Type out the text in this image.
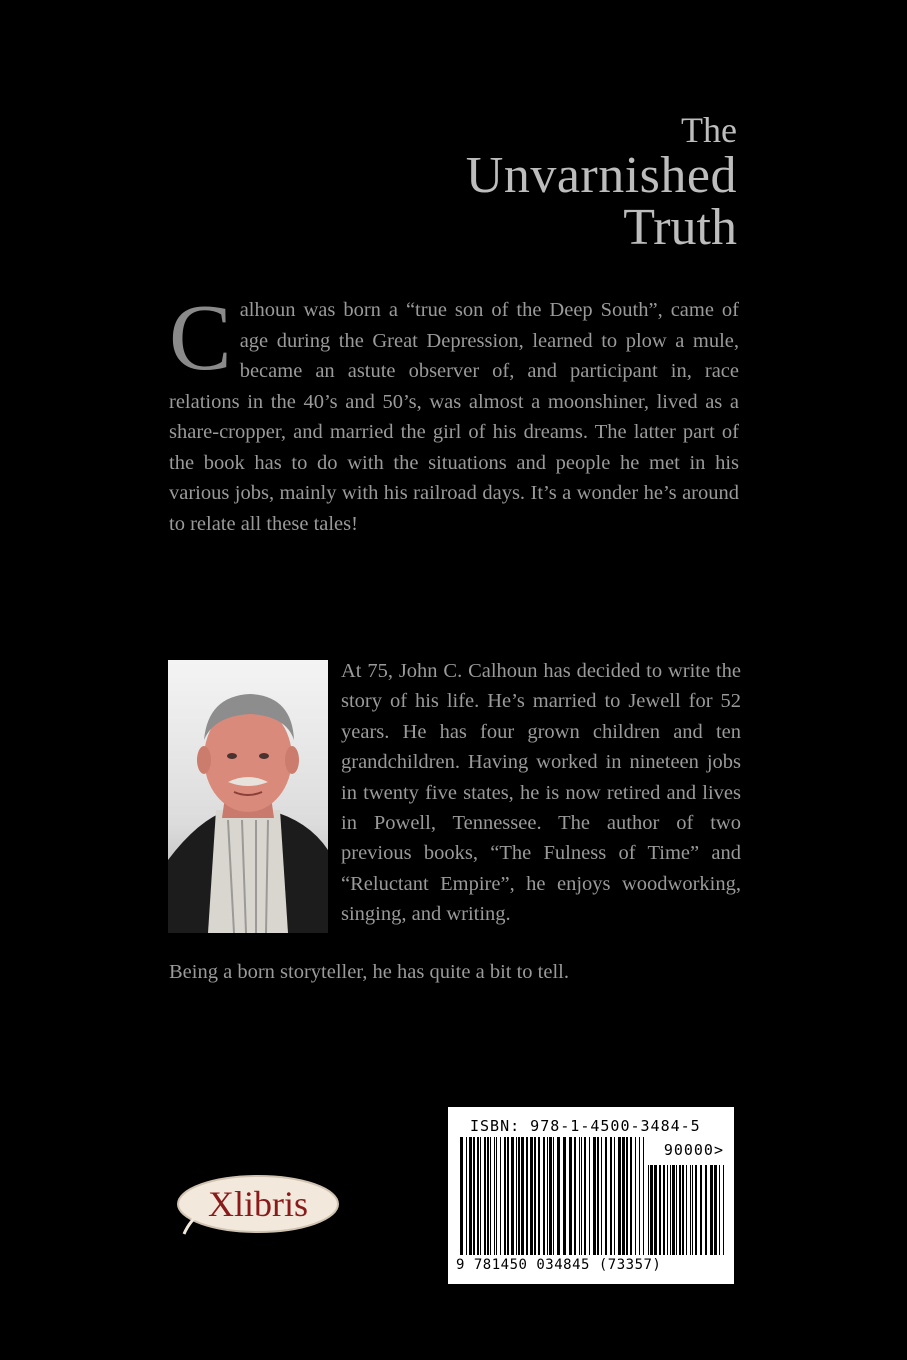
The
Unvarnished
Truth
Calhoun was born a “true son of the Deep South”, came of age during the Great Depression, learned to plow a mule, became an astute observer of, and participant in, race relations in the 40’s and 50’s, was almost a moonshiner, lived as a share-cropper, and married the girl of his dreams. The latter part of the book has to do with the situations and people he met in his various jobs, mainly with his railroad days. It’s a wonder he’s around to relate all these tales!
At 75, John C. Calhoun has decided to write the story of his life. He’s married to Jewell for 52 years. He has four grown children and ten grandchildren. Having worked in nineteen jobs in twenty five states, he is now retired and lives in Powell, Tennessee. The author of two previous books, “The Fulness of Time” and “Reluctant Empire”, he enjoys woodworking, singing, and writing.
Being a born storyteller, he has quite a bit to tell.
ISBN: 978-1-4500-3484-5
90000>
9 781450 034845 (73357)
Xlibris
